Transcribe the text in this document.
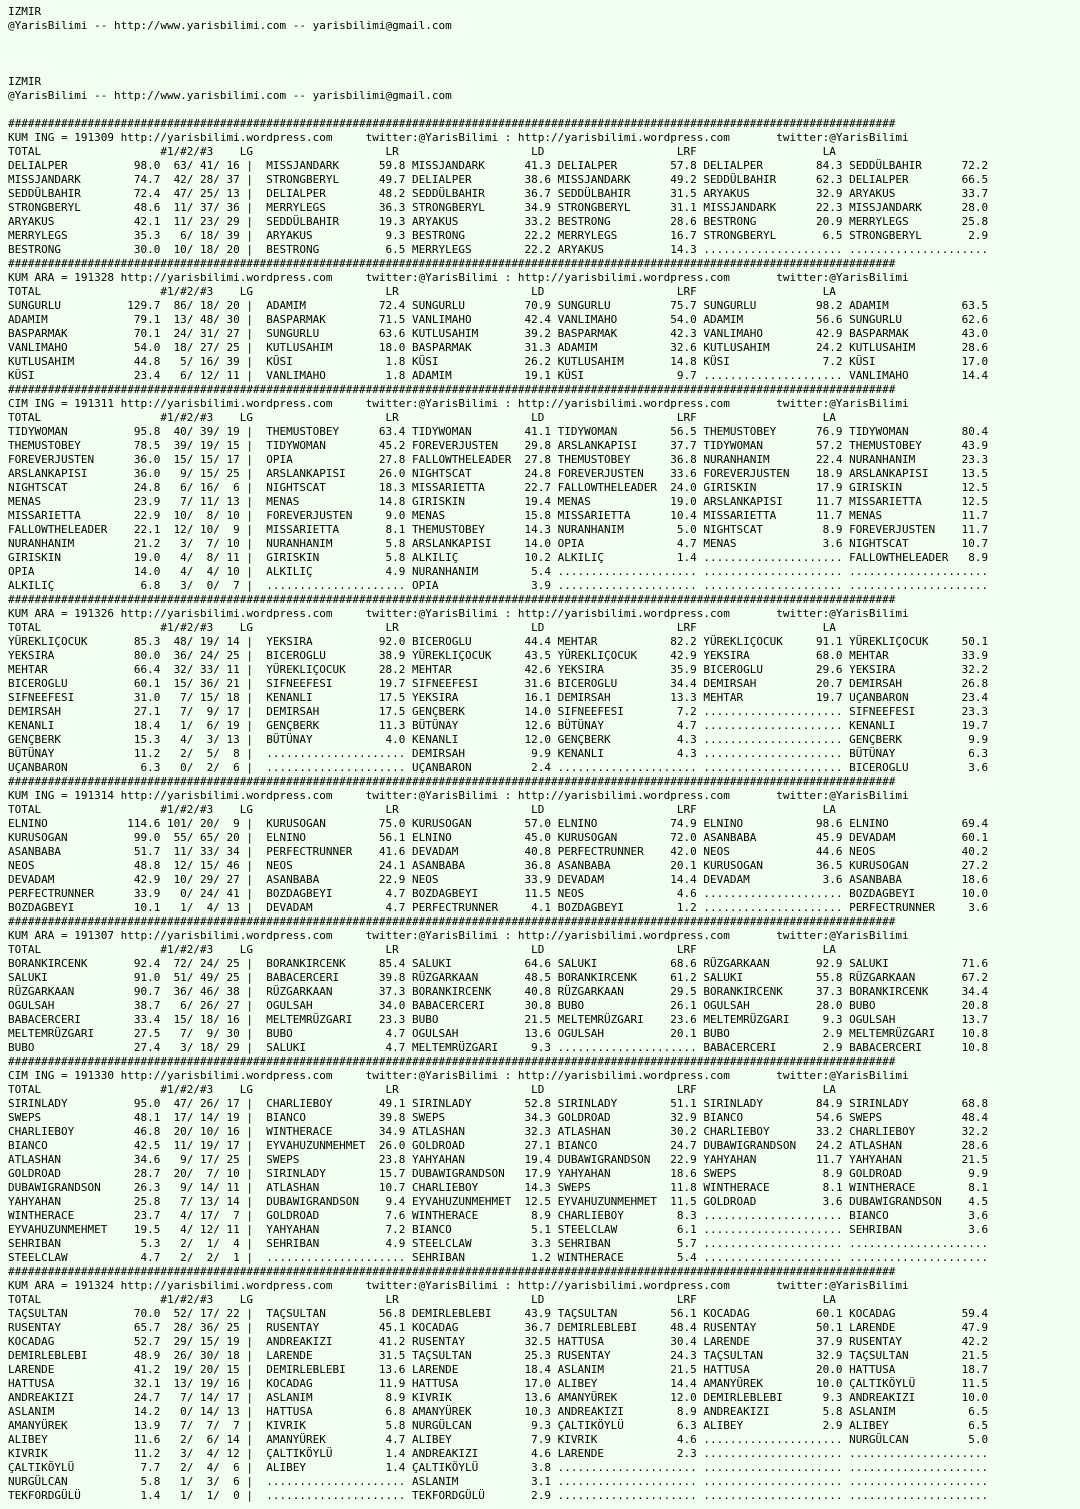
IZMIR
@YarisBilimi -- http://www.yarisbilimi.com -- yarisbilimi@gmail.com
IZMIR
@YarisBilimi -- http://www.yarisbilimi.com -- yarisbilimi@gmail.com
######################################################################################################################################
KUM ING = 191309 http://yarisbilimi.wordpress.com     twitter:@YarisBilimi : http://yarisbilimi.wordpress.com       twitter:@YarisBilimi
TOTAL                  #1/#2/#3    LG                    LR                    LD                    LRF                   LA
DELIALPER          98.0  63/ 41/ 16 |  MISSJANDARK      59.8 MISSJANDARK      41.3 DELIALPER        57.8 DELIALPER        84.3 SEDDÜLBAHIR      72.2
MISSJANDARK        74.7  42/ 28/ 37 |  STRONGBERYL      49.7 DELIALPER        38.6 MISSJANDARK      49.2 SEDDÜLBAHIR      62.3 DELIALPER        66.5
SEDDÜLBAHIR        72.4  47/ 25/ 13 |  DELIALPER        48.2 SEDDÜLBAHIR      36.7 SEDDÜLBAHIR      31.5 ARYAKUS          32.9 ARYAKUS          33.7
STRONGBERYL        48.6  11/ 37/ 36 |  MERRYLEGS        36.3 STRONGBERYL      34.9 STRONGBERYL      31.1 MISSJANDARK      22.3 MISSJANDARK      28.0
ARYAKUS            42.1  11/ 23/ 29 |  SEDDÜLBAHIR      19.3 ARYAKUS          33.2 BESTRONG         28.6 BESTRONG         20.9 MERRYLEGS        25.8
MERRYLEGS          35.3   6/ 18/ 39 |  ARYAKUS           9.3 BESTRONG         22.2 MERRYLEGS        16.7 STRONGBERYL       6.5 STRONGBERYL       2.9
BESTRONG           30.0  10/ 18/ 20 |  BESTRONG          6.5 MERRYLEGS        22.2 ARYAKUS          14.3 ..................... .....................
######################################################################################################################################
KUM ARA = 191328 http://yarisbilimi.wordpress.com     twitter:@YarisBilimi : http://yarisbilimi.wordpress.com       twitter:@YarisBilimi
TOTAL                  #1/#2/#3    LG                    LR                    LD                    LRF                   LA
SUNGURLU          129.7  86/ 18/ 20 |  ADAMIM           72.4 SUNGURLU         70.9 SUNGURLU         75.7 SUNGURLU         98.2 ADAMIM           63.5
ADAMIM             79.1  13/ 48/ 30 |  BASPARMAK        71.5 VANLIMAHO        42.4 VANLIMAHO        54.0 ADAMIM           56.6 SUNGURLU         62.6
BASPARMAK          70.1  24/ 31/ 27 |  SUNGURLU         63.6 KUTLUSAHIM       39.2 BASPARMAK        42.3 VANLIMAHO        42.9 BASPARMAK        43.0
VANLIMAHO          54.0  18/ 27/ 25 |  KUTLUSAHIM       18.0 BASPARMAK        31.3 ADAMIM           32.6 KUTLUSAHIM       24.2 KUTLUSAHIM       28.6
KUTLUSAHIM         44.8   5/ 16/ 39 |  KÜSI              1.8 KÜSI             26.2 KUTLUSAHIM       14.8 KÜSI              7.2 KÜSI             17.0
KÜSI               23.4   6/ 12/ 11 |  VANLIMAHO         1.8 ADAMIM           19.1 KÜSI              9.7 ..................... VANLIMAHO        14.4
######################################################################################################################################
CIM ING = 191311 http://yarisbilimi.wordpress.com     twitter:@YarisBilimi : http://yarisbilimi.wordpress.com       twitter:@YarisBilimi
TOTAL                  #1/#2/#3    LG                    LR                    LD                    LRF                   LA
TIDYWOMAN          95.8  40/ 39/ 19 |  THEMUSTOBEY      63.4 TIDYWOMAN        41.1 TIDYWOMAN        56.5 THEMUSTOBEY      76.9 TIDYWOMAN        80.4
THEMUSTOBEY        78.5  39/ 19/ 15 |  TIDYWOMAN        45.2 FOREVERJUSTEN    29.8 ARSLANKAPISI     37.7 TIDYWOMAN        57.2 THEMUSTOBEY      43.9
FOREVERJUSTEN      36.0  15/ 15/ 17 |  OPIA             27.8 FALLOWTHELEADER  27.8 THEMUSTOBEY      36.8 NURANHANIM       22.4 NURANHANIM       23.3
ARSLANKAPISI       36.0   9/ 15/ 25 |  ARSLANKAPISI     26.0 NIGHTSCAT        24.8 FOREVERJUSTEN    33.6 FOREVERJUSTEN    18.9 ARSLANKAPISI     13.5
NIGHTSCAT          24.8   6/ 16/  6 |  NIGHTSCAT        18.3 MISSARIETTA      22.7 FALLOWTHELEADER  24.0 GIRISKIN         17.9 GIRISKIN         12.5
MENAS              23.9   7/ 11/ 13 |  MENAS            14.8 GIRISKIN         19.4 MENAS            19.0 ARSLANKAPISI     11.7 MISSARIETTA      12.5
MISSARIETTA        22.9  10/  8/ 10 |  FOREVERJUSTEN     9.0 MENAS            15.8 MISSARIETTA      10.4 MISSARIETTA      11.7 MENAS            11.7
FALLOWTHELEADER    22.1  12/ 10/  9 |  MISSARIETTA       8.1 THEMUSTOBEY      14.3 NURANHANIM        5.0 NIGHTSCAT         8.9 FOREVERJUSTEN    11.7
NURANHANIM         21.2   3/  7/ 10 |  NURANHANIM        5.8 ARSLANKAPISI     14.0 OPIA              4.7 MENAS             3.6 NIGHTSCAT        10.7
GIRISKIN           19.0   4/  8/ 11 |  GIRISKIN          5.8 ALKILIÇ          10.2 ALKILIÇ           1.4 ..................... FALLOWTHELEADER   8.9
OPIA               14.0   4/  4/ 10 |  ALKILIÇ           4.9 NURANHANIM        5.4 ..................... ..................... .....................
ALKILIÇ             6.8   3/  0/  7 |  ..................... OPIA              3.9 ..................... ..................... .....................
######################################################################################################################################
KUM ARA = 191326 http://yarisbilimi.wordpress.com     twitter:@YarisBilimi : http://yarisbilimi.wordpress.com       twitter:@YarisBilimi
TOTAL                  #1/#2/#3    LG                    LR                    LD                    LRF                   LA
YÜREKLIÇOCUK       85.3  48/ 19/ 14 |  YEKSIRA          92.0 BICEROGLU        44.4 MEHTAR           82.2 YÜREKLIÇOCUK     91.1 YÜREKLIÇOCUK     50.1
YEKSIRA            80.0  36/ 24/ 25 |  BICEROGLU        38.9 YÜREKLIÇOCUK     43.5 YÜREKLIÇOCUK     42.9 YEKSIRA          68.0 MEHTAR           33.9
MEHTAR             66.4  32/ 33/ 11 |  YÜREKLIÇOCUK     28.2 MEHTAR           42.6 YEKSIRA          35.9 BICEROGLU        29.6 YEKSIRA          32.2
BICEROGLU          60.1  15/ 36/ 21 |  SIFNEEFESI       19.7 SIFNEEFESI       31.6 BICEROGLU        34.4 DEMIRSAH         20.7 DEMIRSAH         26.8
SIFNEEFESI         31.0   7/ 15/ 18 |  KENANLI          17.5 YEKSIRA          16.1 DEMIRSAH         13.3 MEHTAR           19.7 UÇANBARON        23.4
DEMIRSAH           27.1   7/  9/ 17 |  DEMIRSAH         17.5 GENÇBERK         14.0 SIFNEEFESI        7.2 ..................... SIFNEEFESI       23.3
KENANLI            18.4   1/  6/ 19 |  GENÇBERK         11.3 BÜTÜNAY          12.6 BÜTÜNAY           4.7 ..................... KENANLI          19.7
GENÇBERK           15.3   4/  3/ 13 |  BÜTÜNAY           4.0 KENANLI          12.0 GENÇBERK          4.3 ..................... GENÇBERK          9.9
BÜTÜNAY            11.2   2/  5/  8 |  ..................... DEMIRSAH          9.9 KENANLI           4.3 ..................... BÜTÜNAY           6.3
UÇANBARON           6.3   0/  2/  6 |  ..................... UÇANBARON         2.4 ..................... ..................... BICEROGLU         3.6
######################################################################################################################################
KUM ING = 191314 http://yarisbilimi.wordpress.com     twitter:@YarisBilimi : http://yarisbilimi.wordpress.com       twitter:@YarisBilimi
TOTAL                  #1/#2/#3    LG                    LR                    LD                    LRF                   LA
ELNINO            114.6 101/ 20/  9 |  KURUSOGAN        75.0 KURUSOGAN        57.0 ELNINO           74.9 ELNINO           98.6 ELNINO           69.4
KURUSOGAN          99.0  55/ 65/ 20 |  ELNINO           56.1 ELNINO           45.0 KURUSOGAN        72.0 ASANBABA         45.9 DEVADAM          60.1
ASANBABA           51.7  11/ 33/ 34 |  PERFECTRUNNER    41.6 DEVADAM          40.8 PERFECTRUNNER    42.0 NEOS             44.6 NEOS             40.2
NEOS               48.8  12/ 15/ 46 |  NEOS             24.1 ASANBABA         36.8 ASANBABA         20.1 KURUSOGAN        36.5 KURUSOGAN        27.2
DEVADAM            42.9  10/ 29/ 27 |  ASANBABA         22.9 NEOS             33.9 DEVADAM          14.4 DEVADAM           3.6 ASANBABA         18.6
PERFECTRUNNER      33.9   0/ 24/ 41 |  BOZDAGBEYI        4.7 BOZDAGBEYI       11.5 NEOS              4.6 ..................... BOZDAGBEYI       10.0
BOZDAGBEYI         10.1   1/  4/ 13 |  DEVADAM           4.7 PERFECTRUNNER     4.1 BOZDAGBEYI        1.2 ..................... PERFECTRUNNER     3.6
######################################################################################################################################
KUM ARA = 191307 http://yarisbilimi.wordpress.com     twitter:@YarisBilimi : http://yarisbilimi.wordpress.com       twitter:@YarisBilimi
TOTAL                  #1/#2/#3    LG                    LR                    LD                    LRF                   LA
BORANKIRCENK       92.4  72/ 24/ 25 |  BORANKIRCENK     85.4 SALUKI           64.6 SALUKI           68.6 RÜZGARKAAN       92.9 SALUKI           71.6
SALUKI             91.0  51/ 49/ 25 |  BABACERCERI      39.8 RÜZGARKAAN       48.5 BORANKIRCENK     61.2 SALUKI           55.8 RÜZGARKAAN       67.2
RÜZGARKAAN         90.7  36/ 46/ 38 |  RÜZGARKAAN       37.3 BORANKIRCENK     40.8 RÜZGARKAAN       29.5 BORANKIRCENK     37.3 BORANKIRCENK     34.4
OGULSAH            38.7   6/ 26/ 27 |  OGULSAH          34.0 BABACERCERI      30.8 BUBO             26.1 OGULSAH          28.0 BUBO             20.8
BABACERCERI        33.4  15/ 18/ 16 |  MELTEMRÜZGARI    23.3 BUBO             21.5 MELTEMRÜZGARI    23.6 MELTEMRÜZGARI     9.3 OGULSAH          13.7
MELTEMRÜZGARI      27.5   7/  9/ 30 |  BUBO              4.7 OGULSAH          13.6 OGULSAH          20.1 BUBO              2.9 MELTEMRÜZGARI    10.8
BUBO               27.4   3/ 18/ 29 |  SALUKI            4.7 MELTEMRÜZGARI     9.3 ..................... BABACERCERI       2.9 BABACERCERI      10.8
######################################################################################################################################
CIM ING = 191330 http://yarisbilimi.wordpress.com     twitter:@YarisBilimi : http://yarisbilimi.wordpress.com       twitter:@YarisBilimi
TOTAL                  #1/#2/#3    LG                    LR                    LD                    LRF                   LA
SIRINLADY          95.0  47/ 26/ 17 |  CHARLIEBOY       49.1 SIRINLADY        52.8 SIRINLADY        51.1 SIRINLADY        84.9 SIRINLADY        68.8
SWEPS              48.1  17/ 14/ 19 |  BIANCO           39.8 SWEPS            34.3 GOLDROAD         32.9 BIANCO           54.6 SWEPS            48.4
CHARLIEBOY         46.8  20/ 10/ 16 |  WINTHERACE       34.9 ATLASHAN         32.3 ATLASHAN         30.2 CHARLIEBOY       33.2 CHARLIEBOY       32.2
BIANCO             42.5  11/ 19/ 17 |  EYVAHUZUNMEHMET  26.0 GOLDROAD         27.1 BIANCO           24.7 DUBAWIGRANDSON   24.2 ATLASHAN         28.6
ATLASHAN           34.6   9/ 17/ 25 |  SWEPS            23.8 YAHYAHAN         19.4 DUBAWIGRANDSON   22.9 YAHYAHAN         11.7 YAHYAHAN         21.5
GOLDROAD           28.7  20/  7/ 10 |  SIRINLADY        15.7 DUBAWIGRANDSON   17.9 YAHYAHAN         18.6 SWEPS             8.9 GOLDROAD          9.9
DUBAWIGRANDSON     26.3   9/ 14/ 11 |  ATLASHAN         10.7 CHARLIEBOY       14.3 SWEPS            11.8 WINTHERACE        8.1 WINTHERACE        8.1
YAHYAHAN           25.8   7/ 13/ 14 |  DUBAWIGRANDSON    9.4 EYVAHUZUNMEHMET  12.5 EYVAHUZUNMEHMET  11.5 GOLDROAD          3.6 DUBAWIGRANDSON    4.5
WINTHERACE         23.7   4/ 17/  7 |  GOLDROAD          7.6 WINTHERACE        8.9 CHARLIEBOY        8.3 ..................... BIANCO            3.6
EYVAHUZUNMEHMET    19.5   4/ 12/ 11 |  YAHYAHAN          7.2 BIANCO            5.1 STEELCLAW         6.1 ..................... SEHRIBAN          3.6
SEHRIBAN            5.3   2/  1/  4 |  SEHRIBAN          4.9 STEELCLAW         3.3 SEHRIBAN          5.7 ..................... .....................
STEELCLAW           4.7   2/  2/  1 |  ..................... SEHRIBAN          1.2 WINTHERACE        5.4 ..................... .....................
######################################################################################################################################
KUM ARA = 191324 http://yarisbilimi.wordpress.com     twitter:@YarisBilimi : http://yarisbilimi.wordpress.com       twitter:@YarisBilimi
TOTAL                  #1/#2/#3    LG                    LR                    LD                    LRF                   LA
TAÇSULTAN          70.0  52/ 17/ 22 |  TAÇSULTAN        56.8 DEMIRLEBLEBI     43.9 TAÇSULTAN        56.1 KOCADAG          60.1 KOCADAG          59.4
RUSENTAY           65.7  28/ 36/ 25 |  RUSENTAY         45.1 KOCADAG          36.7 DEMIRLEBLEBI     48.4 RUSENTAY         50.1 LARENDE          47.9
KOCADAG            52.7  29/ 15/ 19 |  ANDREAKIZI       41.2 RUSENTAY         32.5 HATTUSA          30.4 LARENDE          37.9 RUSENTAY         42.2
DEMIRLEBLEBI       48.9  26/ 30/ 18 |  LARENDE          31.5 TAÇSULTAN        25.3 RUSENTAY         24.3 TAÇSULTAN        32.9 TAÇSULTAN        21.5
LARENDE            41.2  19/ 20/ 15 |  DEMIRLEBLEBI     13.6 LARENDE          18.4 ASLANIM          21.5 HATTUSA          20.0 HATTUSA          18.7
HATTUSA            32.1  13/ 19/ 16 |  KOCADAG          11.9 HATTUSA          17.0 ALIBEY           14.4 AMANYÜREK        10.0 ÇALTIKÖYLÜ       11.5
ANDREAKIZI         24.7   7/ 14/ 17 |  ASLANIM           8.9 KIVRIK           13.6 AMANYÜREK        12.0 DEMIRLEBLEBI      9.3 ANDREAKIZI       10.0
ASLANIM            14.2   0/ 14/ 13 |  HATTUSA           6.8 AMANYÜREK        10.3 ANDREAKIZI        8.9 ANDREAKIZI        5.8 ASLANIM           6.5
AMANYÜREK          13.9   7/  7/  7 |  KIVRIK            5.8 NURGÜLCAN         9.3 ÇALTIKÖYLÜ        6.3 ALIBEY            2.9 ALIBEY            6.5
ALIBEY             11.6   2/  6/ 14 |  AMANYÜREK         4.7 ALIBEY            7.9 KIVRIK            4.6 ..................... NURGÜLCAN         5.0
KIVRIK             11.2   3/  4/ 12 |  ÇALTIKÖYLÜ        1.4 ANDREAKIZI        4.6 LARENDE           2.3 ..................... .....................
ÇALTIKÖYLÜ          7.7   2/  4/  6 |  ALIBEY            1.4 ÇALTIKÖYLÜ        3.8 ..................... ..................... .....................
NURGÜLCAN           5.8   1/  3/  6 |  ..................... ASLANIM           3.1 ..................... ..................... .....................
TEKFORDGÜLÜ         1.4   1/  1/  0 |  ..................... TEKFORDGÜLÜ       2.9 ..................... ..................... .....................
